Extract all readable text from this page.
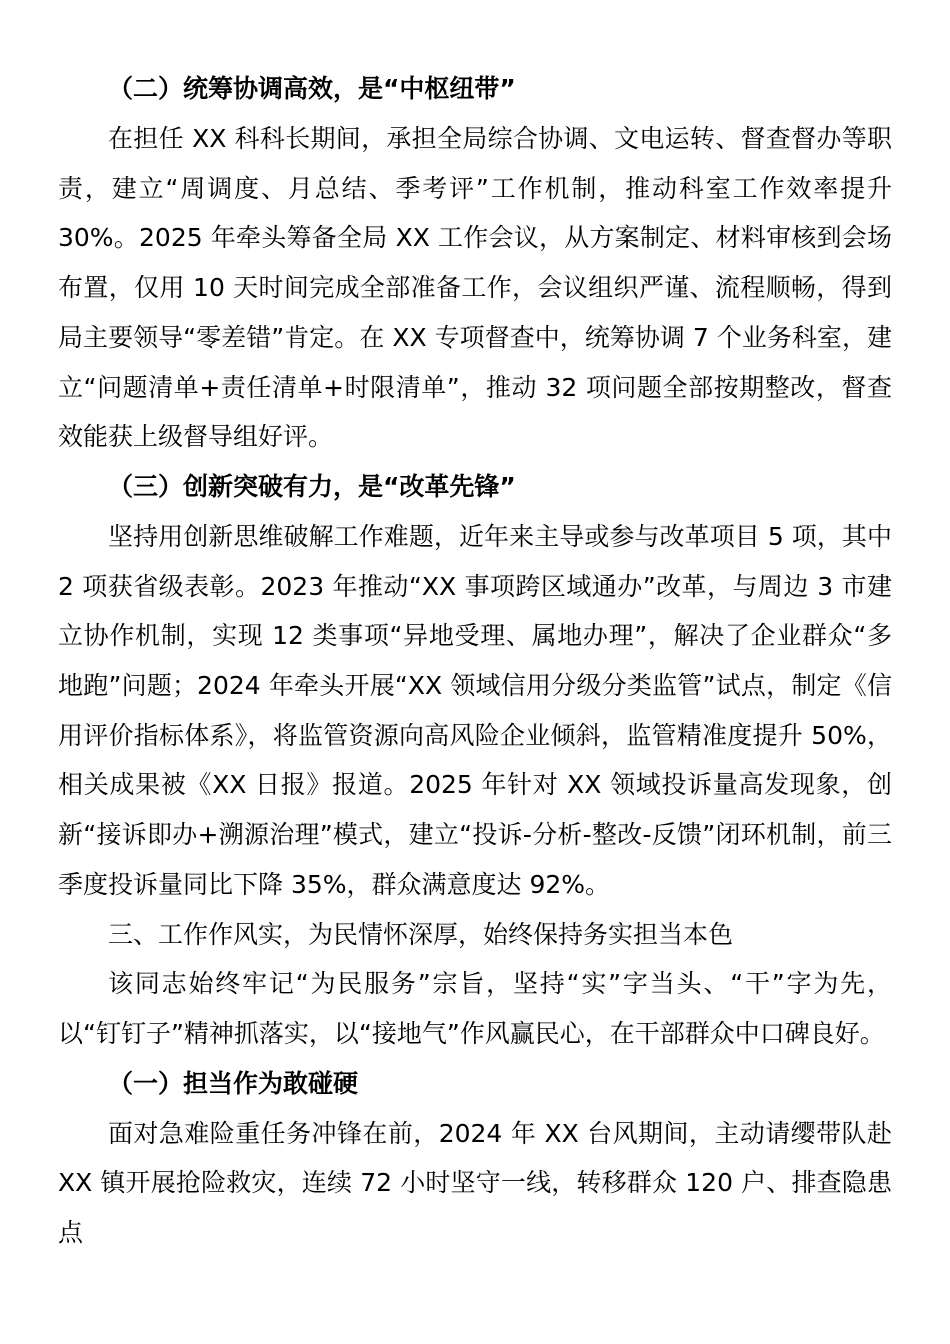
（二）统筹协调高效，是“中枢纽带”

在担任 XX 科科长期间，承担全局综合协调、文电运转、督查督办等职责，建立“周调度、月总结、季考评”工作机制，推动科室工作效率提升 30%。2025 年牵头筹备全局 XX 工作会议，从方案制定、材料审核到会场布置，仅用 10 天时间完成全部准备工作，会议组织严谨、流程顺畅，得到局主要领导“零差错”肯定。在 XX 专项督查中，统筹协调 7 个业务科室，建立“问题清单+责任清单+时限清单”，推动 32 项问题全部按期整改，督查效能获上级督导组好评。

（三）创新突破有力，是“改革先锋”

坚持用创新思维破解工作难题，近年来主导或参与改革项目 5 项，其中 2 项获省级表彰。2023 年推动“XX 事项跨区域通办”改革，与周边 3 市建立协作机制，实现 12 类事项“异地受理、属地办理”，解决了企业群众“多地跑”问题；2024 年牵头开展“XX 领域信用分级分类监管”试点，制定《信用评价指标体系》，将监管资源向高风险企业倾斜，监管精准度提升 50%，相关成果被《XX 日报》报道。2025 年针对 XX 领域投诉量高发现象，创新“接诉即办+溯源治理”模式，建立“投诉-分析-整改-反馈”闭环机制，前三季度投诉量同比下降 35%，群众满意度达 92%。

三、工作作风实，为民情怀深厚，始终保持务实担当本色

该同志始终牢记“为民服务”宗旨，坚持“实”字当头、“干”字为先，以“钉钉子”精神抓落实，以“接地气”作风赢民心，在干部群众中口碑良好。

（一）担当作为敢碰硬

面对急难险重任务冲锋在前，2024 年 XX 台风期间，主动请缨带队赴 XX 镇开展抢险救灾，连续 72 小时坚守一线，转移群众 120 户、排查隐患点
